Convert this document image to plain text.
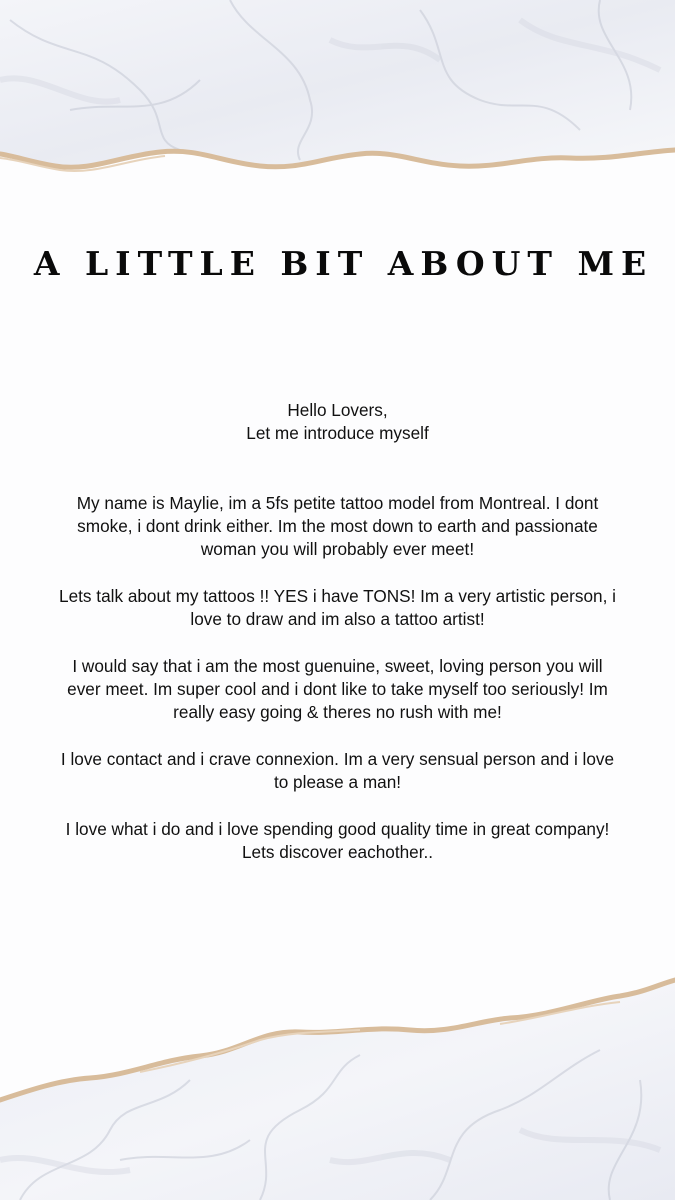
A LITTLE BIT ABOUT ME

Hello Lovers,
Let me introduce myself

My name is Maylie, im a 5fs petite tattoo model from Montreal. I dont smoke, i dont drink either. Im the most down to earth and passionate woman you will probably ever meet!

Lets talk about my tattoos !! YES i have TONS! Im a very artistic person, i love to draw and im also a tattoo artist!

I would say that i am the most guenuine, sweet, loving person you will ever meet. Im super cool and i dont like to take myself too seriously! Im really easy going & theres no rush with me!

I love contact and i crave connexion. Im a very sensual person and i love to please a man!

I love what i do and i love spending good quality time in great company!
Lets discover eachother..
